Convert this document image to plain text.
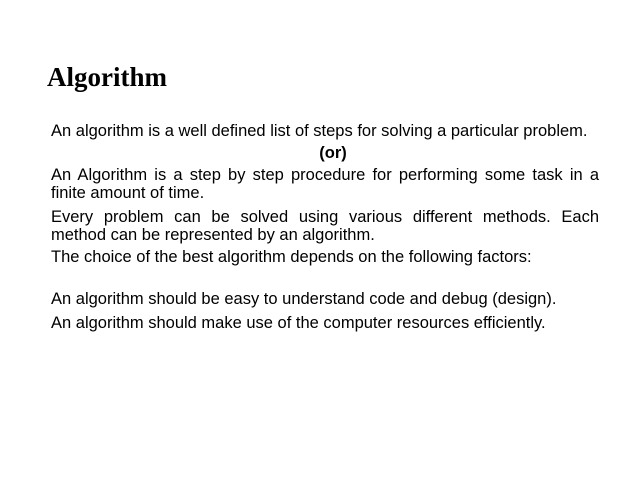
Algorithm

An algorithm is a well defined list of steps for solving a particular problem.

(or)

An Algorithm is a step by step procedure for performing some task in a finite amount of time.

Every problem can be solved using various different methods. Each method can be represented by an algorithm.

The choice of the best algorithm depends on the following factors:

An algorithm should be easy to understand code and debug (design).

An algorithm should make use of the computer resources efficiently.
